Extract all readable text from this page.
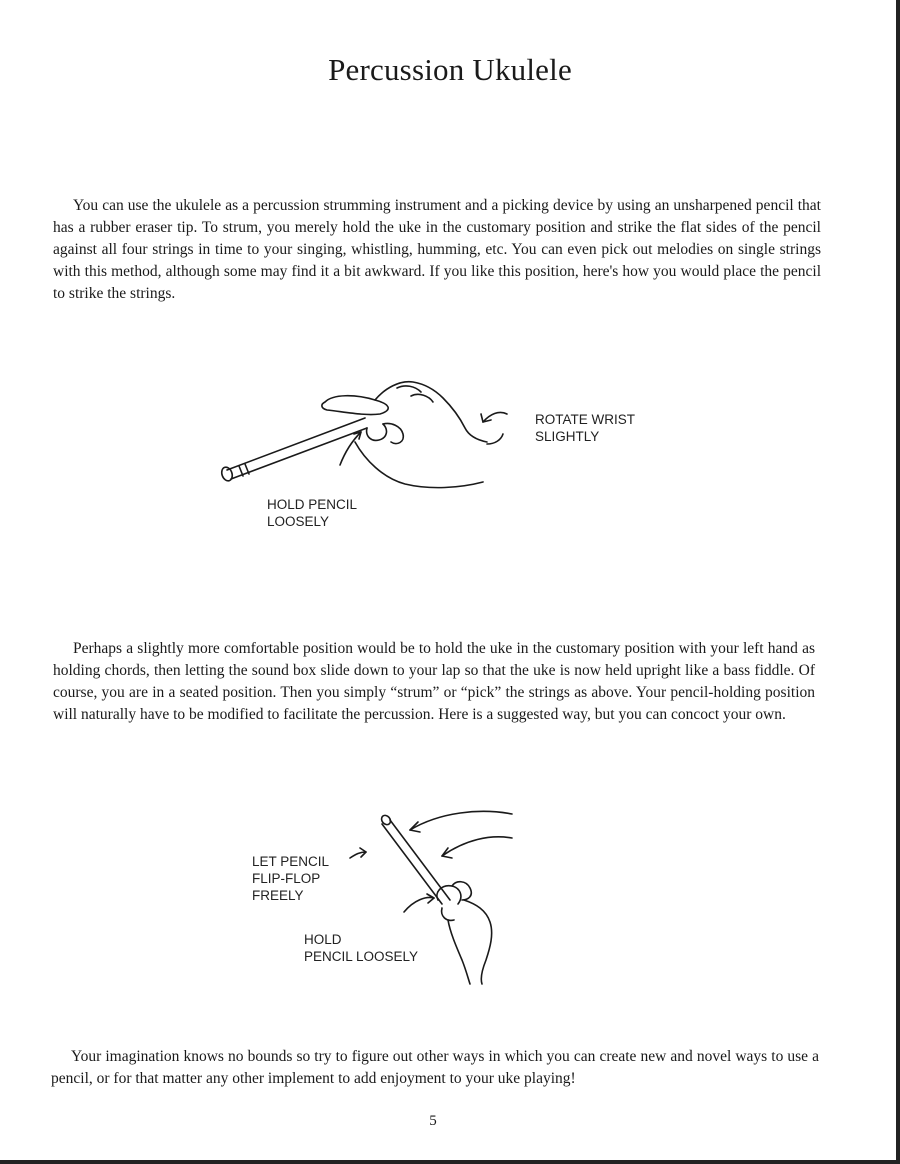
Percussion Ukulele

You can use the ukulele as a percussion strumming instrument and a picking device by using an unsharpened pencil that has a rubber eraser tip. To strum, you merely hold the uke in the customary position and strike the flat sides of the pencil against all four strings in time to your singing, whistling, humming, etc. You can even pick out melodies on single strings with this method, although some may find it a bit awkward. If you like this position, here's how you would place the pencil to strike the strings.

ROTATE WRIST
SLIGHTLY
HOLD PENCIL
LOOSELY

Perhaps a slightly more comfortable position would be to hold the uke in the customary position with your left hand as holding chords, then letting the sound box slide down to your lap so that the uke is now held upright like a bass fiddle. Of course, you are in a seated position. Then you simply “strum” or “pick” the strings as above. Your pencil-holding position will naturally have to be modified to facilitate the percussion. Here is a suggested way, but you can concoct your own.

LET PENCIL
FLIP-FLOP
FREELY
HOLD
PENCIL LOOSELY

Your imagination knows no bounds so try to figure out other ways in which you can create new and novel ways to use a pencil, or for that matter any other implement to add enjoyment to your uke playing!

5
